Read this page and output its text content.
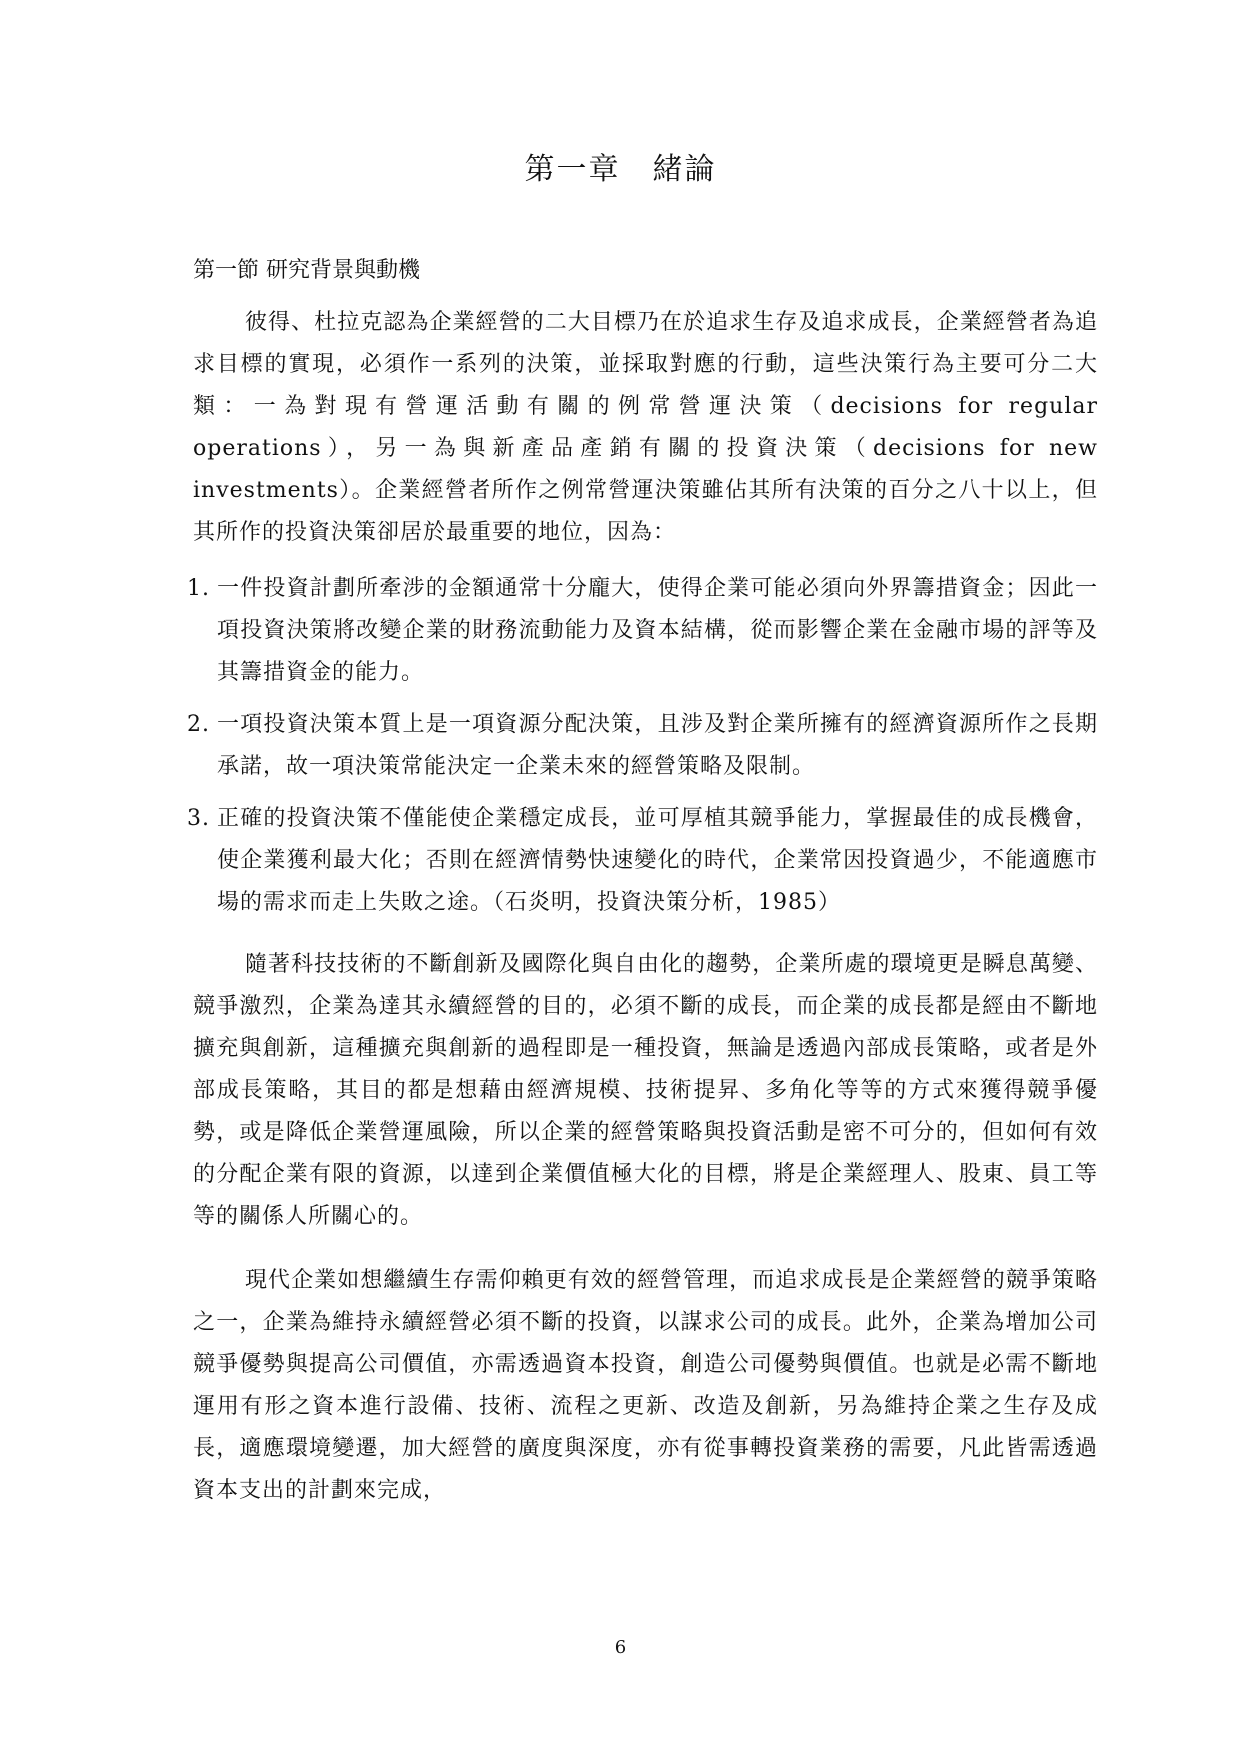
第一章　緒論
第一節 研究背景與動機

彼得、杜拉克認為企業經營的二大目標乃在於追求生存及追求成長，企業經營者為追求目標的實現，必須作一系列的決策，並採取對應的行動，這些決策行為主要可分二大類：一為對現有營運活動有關的例常營運決策（decisions for regular operations），另一為與新產品產銷有關的投資決策（decisions for new investments）。企業經營者所作之例常營運決策雖佔其所有決策的百分之八十以上，但其所作的投資決策卻居於最重要的地位，因為：

1. 一件投資計劃所牽涉的金額通常十分龐大，使得企業可能必須向外界籌措資金；因此一項投資決策將改變企業的財務流動能力及資本結構，從而影響企業在金融市場的評等及其籌措資金的能力。
2. 一項投資決策本質上是一項資源分配決策，且涉及對企業所擁有的經濟資源所作之長期承諾，故一項決策常能決定一企業未來的經營策略及限制。
3. 正確的投資決策不僅能使企業穩定成長，並可厚植其競爭能力，掌握最佳的成長機會，使企業獲利最大化；否則在經濟情勢快速變化的時代，企業常因投資過少，不能適應市場的需求而走上失敗之途。（石炎明，投資決策分析，1985）

隨著科技技術的不斷創新及國際化與自由化的趨勢，企業所處的環境更是瞬息萬變、競爭激烈，企業為達其永續經營的目的，必須不斷的成長，而企業的成長都是經由不斷地擴充與創新，這種擴充與創新的過程即是一種投資，無論是透過內部成長策略，或者是外部成長策略，其目的都是想藉由經濟規模、技術提昇、多角化等等的方式來獲得競爭優勢，或是降低企業營運風險，所以企業的經營策略與投資活動是密不可分的，但如何有效的分配企業有限的資源，以達到企業價值極大化的目標，將是企業經理人、股東、員工等等的關係人所關心的。

現代企業如想繼續生存需仰賴更有效的經營管理，而追求成長是企業經營的競爭策略之一，企業為維持永續經營必須不斷的投資，以謀求公司的成長。此外，企業為增加公司競爭優勢與提高公司價值，亦需透過資本投資，創造公司優勢與價值。也就是必需不斷地運用有形之資本進行設備、技術、流程之更新、改造及創新，另為維持企業之生存及成長，適應環境變遷，加大經營的廣度與深度，亦有從事轉投資業務的需要，凡此皆需透過資本支出的計劃來完成，

6
